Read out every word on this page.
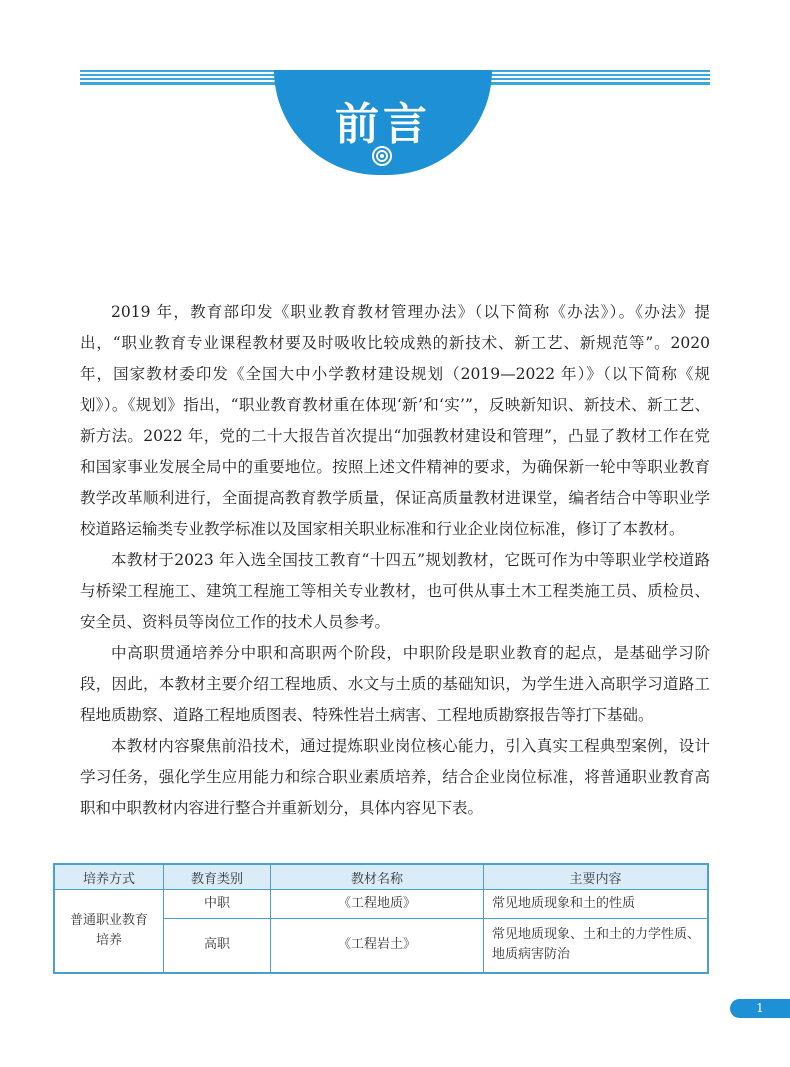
前言

2019 年，教育部印发《职业教育教材管理办法》（以下简称《办法》）。《办法》提出，“职业教育专业课程教材要及时吸收比较成熟的新技术、新工艺、新规范等”。2020 年，国家教材委印发《全国大中小学教材建设规划（2019—2022 年）》（以下简称《规划》）。《规划》指出，“职业教育教材重在体现‘新’和‘实’”，反映新知识、新技术、新工艺、新方法。2022 年，党的二十大报告首次提出“加强教材建设和管理”，凸显了教材工作在党和国家事业发展全局中的重要地位。按照上述文件精神的要求，为确保新一轮中等职业教育教学改革顺利进行，全面提高教育教学质量，保证高质量教材进课堂，编者结合中等职业学校道路运输类专业教学标准以及国家相关职业标准和行业企业岗位标准，修订了本教材。

本教材于2023 年入选全国技工教育“十四五”规划教材，它既可作为中等职业学校道路与桥梁工程施工、建筑工程施工等相关专业教材，也可供从事土木工程类施工员、质检员、安全员、资料员等岗位工作的技术人员参考。

中高职贯通培养分中职和高职两个阶段，中职阶段是职业教育的起点，是基础学习阶段，因此，本教材主要介绍工程地质、水文与土质的基础知识，为学生进入高职学习道路工程地质勘察、道路工程地质图表、特殊性岩土病害、工程地质勘察报告等打下基础。

本教材内容聚焦前沿技术，通过提炼职业岗位核心能力，引入真实工程典型案例，设计学习任务，强化学生应用能力和综合职业素质培养，结合企业岗位标准，将普通职业教育高职和中职教材内容进行整合并重新划分，具体内容见下表。

培养方式	教育类别	教材名称	主要内容
普通职业教育培养	中职	《工程地质》	常见地质现象和土的性质
	高职	《工程岩土》	常见地质现象、土和土的力学性质、地质病害防治
1
